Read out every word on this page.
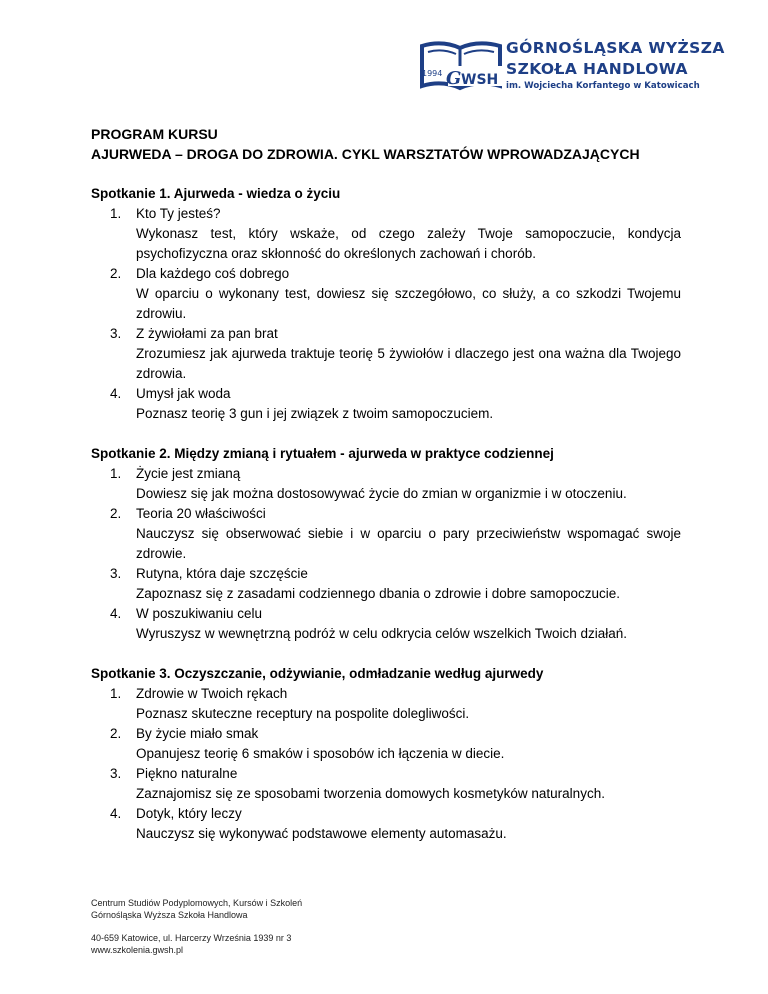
1994 G WSH
GÓRNOŚLĄSKA WYŻSZA
SZKOŁA HANDLOWA
im. Wojciecha Korfantego w Katowicach

PROGRAM KURSU

AJURWEDA – DROGA DO ZDROWIA. CYKL WARSZTATÓW WPROWADZAJĄCYCH

Spotkanie 1. Ajurweda - wiedza o życiu
1. Kto Ty jesteś?
Wykonasz test, który wskaże, od czego zależy Twoje samopoczucie, kondycja psychofizyczna oraz skłonność do określonych zachowań i chorób.
2. Dla każdego coś dobrego
W oparciu o wykonany test, dowiesz się szczegółowo, co służy, a co szkodzi Twojemu zdrowiu.
3. Z żywiołami za pan brat
Zrozumiesz jak ajurweda traktuje teorię 5 żywiołów i dlaczego jest ona ważna dla Twojego zdrowia.
4. Umysł jak woda
Poznasz teorię 3 gun i jej związek z twoim samopoczuciem.
Spotkanie 2. Między zmianą i rytuałem - ajurweda w praktyce codziennej
1. Życie jest zmianą
Dowiesz się jak można dostosowywać życie do zmian w organizmie i w otoczeniu.
2. Teoria 20 właściwości
Nauczysz się obserwować siebie i w oparciu o pary przeciwieństw wspomagać swoje zdrowie.
3. Rutyna, która daje szczęście
Zapoznasz się z zasadami codziennego dbania o zdrowie i dobre samopoczucie.
4. W poszukiwaniu celu
Wyruszysz w wewnętrzną podróż w celu odkrycia celów wszelkich Twoich działań.
Spotkanie 3. Oczyszczanie, odżywianie, odmładzanie według ajurwedy
1. Zdrowie w Twoich rękach
Poznasz skuteczne receptury na pospolite dolegliwości.
2. By życie miało smak
Opanujesz teorię 6 smaków i sposobów ich łączenia w diecie.
3. Piękno naturalne
Zaznajomisz się ze sposobami tworzenia domowych kosmetyków naturalnych.
4. Dotyk, który leczy
Nauczysz się wykonywać podstawowe elementy automasażu.
Centrum Studiów Podyplomowych, Kursów i Szkoleń
Górnośląska Wyższa Szkoła Handlowa
40-659 Katowice, ul. Harcerzy Września 1939 nr 3
www.szkolenia.gwsh.pl
